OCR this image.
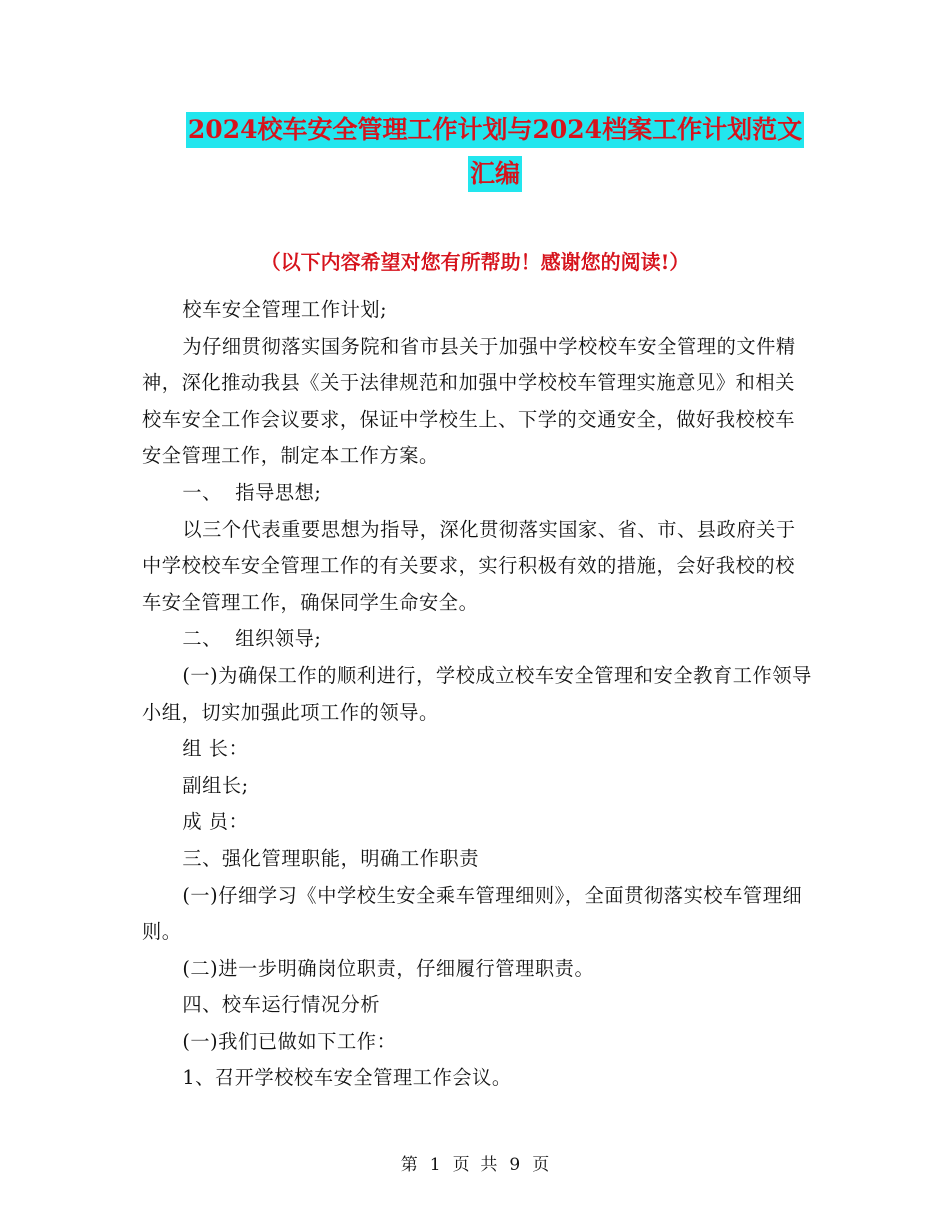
2024校车安全管理工作计划与2024档案工作计划范文
汇编
（以下内容希望对您有所帮助！感谢您的阅读!）

校车安全管理工作计划;

为仔细贯彻落实国务院和省市县关于加强中学校校车安全管理的文件精神，深化推动我县《关于法律规范和加强中学校校车管理实施意见》和相关校车安全工作会议要求，保证中学校生上、下学的交通安全，做好我校校车安全管理工作，制定本工作方案。

一、  指导思想;

以三个代表重要思想为指导，深化贯彻落实国家、省、市、县政府关于中学校校车安全管理工作的有关要求，实行积极有效的措施，会好我校的校车安全管理工作，确保同学生命安全。

二、  组织领导;

(一)为确保工作的顺利进行，学校成立校车安全管理和安全教育工作领导小组，切实加强此项工作的领导。

组 长：

副组长;

成 员：

三、强化管理职能，明确工作职责

(一)仔细学习《中学校生安全乘车管理细则》，全面贯彻落实校车管理细则。

(二)进一步明确岗位职责，仔细履行管理职责。

四、校车运行情况分析

(一)我们已做如下工作：

1、召开学校校车安全管理工作会议。

第 1 页  共 9 页
